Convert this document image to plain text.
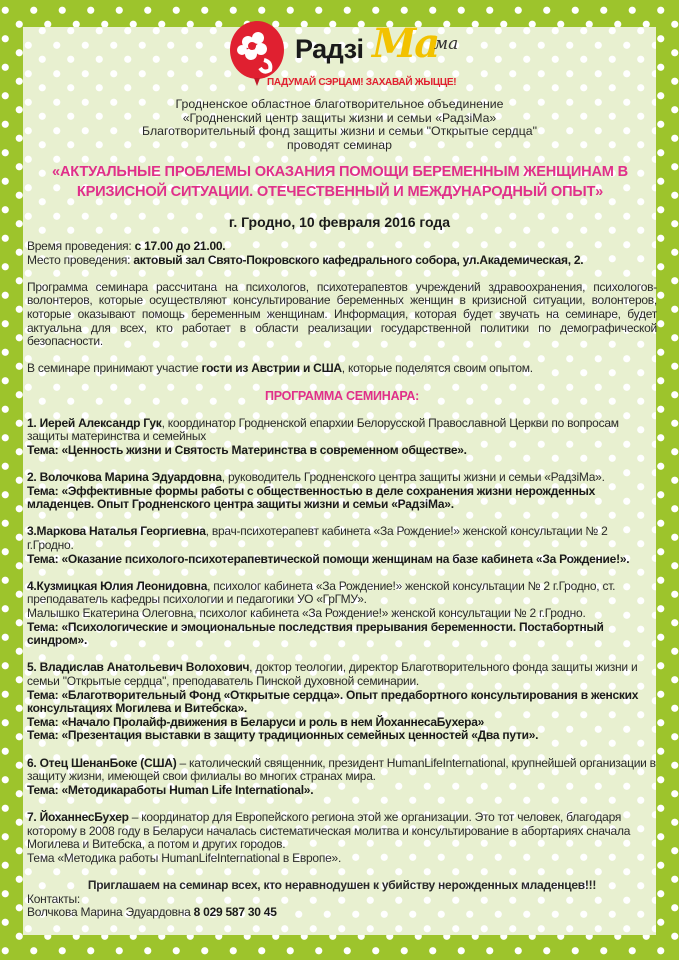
Радзі Ма
ма
ПАДУМАЙ СЭРЦАМ! ЗАХАВАЙ ЖЫЦЦЕ!
Гродненское областное благотворительное объединение
«Гродненский центр защиты жизни и семьи «РадзіМа»
Благотворительный фонд защиты жизни и семьи "Открытые сердца"
проводят семинар
«АКТУАЛЬНЫЕ ПРОБЛЕМЫ ОКАЗАНИЯ ПОМОЩИ БЕРЕМЕННЫМ ЖЕНЩИНАМ В
КРИЗИСНОЙ СИТУАЦИИ. ОТЕЧЕСТВЕННЫЙ И МЕЖДУНАРОДНЫЙ ОПЫТ»
г. Гродно, 10 февраля 2016 года

Время проведения: с 17.00 до 21.00.

Место проведения: актовый зал Свято-Покровского кафедрального собора, ул.Академическая, 2.

Программа семинара рассчитана на психологов, психотерапевтов учреждений здравоохранения, психологов-волонтеров, которые осуществляют консультирование беременных женщин в кризисной ситуации, волонтеров, которые оказывают помощь беременным женщинам. Информация, которая будет звучать на семинаре, будет актуальна для всех, кто работает в области реализации государственной политики по демографической безопасности.

В семинаре принимают участие гости из Австрии и США, которые поделятся своим опытом.

ПРОГРАММА СЕМИНАРА:

1. Иерей Александр Гук, координатор Гродненской епархии Белорусской Православной Церкви по вопросам защиты материнства и семейных

Тема: «Ценность жизни и Святость Материнства в современном обществе».

2. Волочкова Марина Эдуардовна, руководитель Гродненского центра защиты жизни и семьи «РадзіМа».

Тема: «Эффективные формы работы с общественностью в деле сохранения жизни нерожденных младенцев. Опыт Гродненского центра защиты жизни и семьи «РадзіМа».

3.Маркова Наталья Георгиевна, врач-психотерапевт кабинета «За Рождение!» женской консультации № 2 г.Гродно.

Тема: «Оказание психолого-психотерапевтической помощи женщинам на базе кабинета «За Рождение!».

4.Кузмицкая Юлия Леонидовна, психолог кабинета «За Рождение!» женской консультации № 2 г.Гродно, ст. преподаватель кафедры психологии и педагогики УО «ГрГМУ».

Малышко Екатерина Олеговна, психолог кабинета «За Рождение!» женской консультации № 2 г.Гродно.

Тема: «Психологические и эмоциональные последствия прерывания беременности. Постабортный синдром».

5. Владислав Анатольевич Волохович, доктор теологии, директор Благотворительного фонда защиты жизни и семьи "Открытые сердца", преподаватель Пинской духовной семинарии.

Тема: «Благотворительный Фонд «Открытые сердца». Опыт предабортного консультирования в женских консультациях Могилева и Витебска».

Тема: «Начало Пролайф-движения в Беларуси и роль в нем ЙоханнесаБухера»

Тема: «Презентация выставки в защиту традиционных семейных ценностей «Два пути».

6. Отец ШенанБоке (США) – католический священник, президент HumanLifeInternational, крупнейшей организации в защиту жизни, имеющей свои филиалы во многих странах мира.

Тема: «Методикаработы Human Life International».

7. ЙоханнесБухер – координатор для Европейского региона этой же организации. Это тот человек, благодаря которому в 2008 году в Беларуси началась систематическая молитва и консультирование в абортариях сначала Могилева и Витебска, а потом и других городов.

Тема «Методика работы HumanLifeInternational в Европе».

Приглашаем на семинар всех, кто неравнодушен к убийству нерожденных младенцев!!!

Контакты:

Волчкова Марина Эдуардовна 8 029 587 30 45
